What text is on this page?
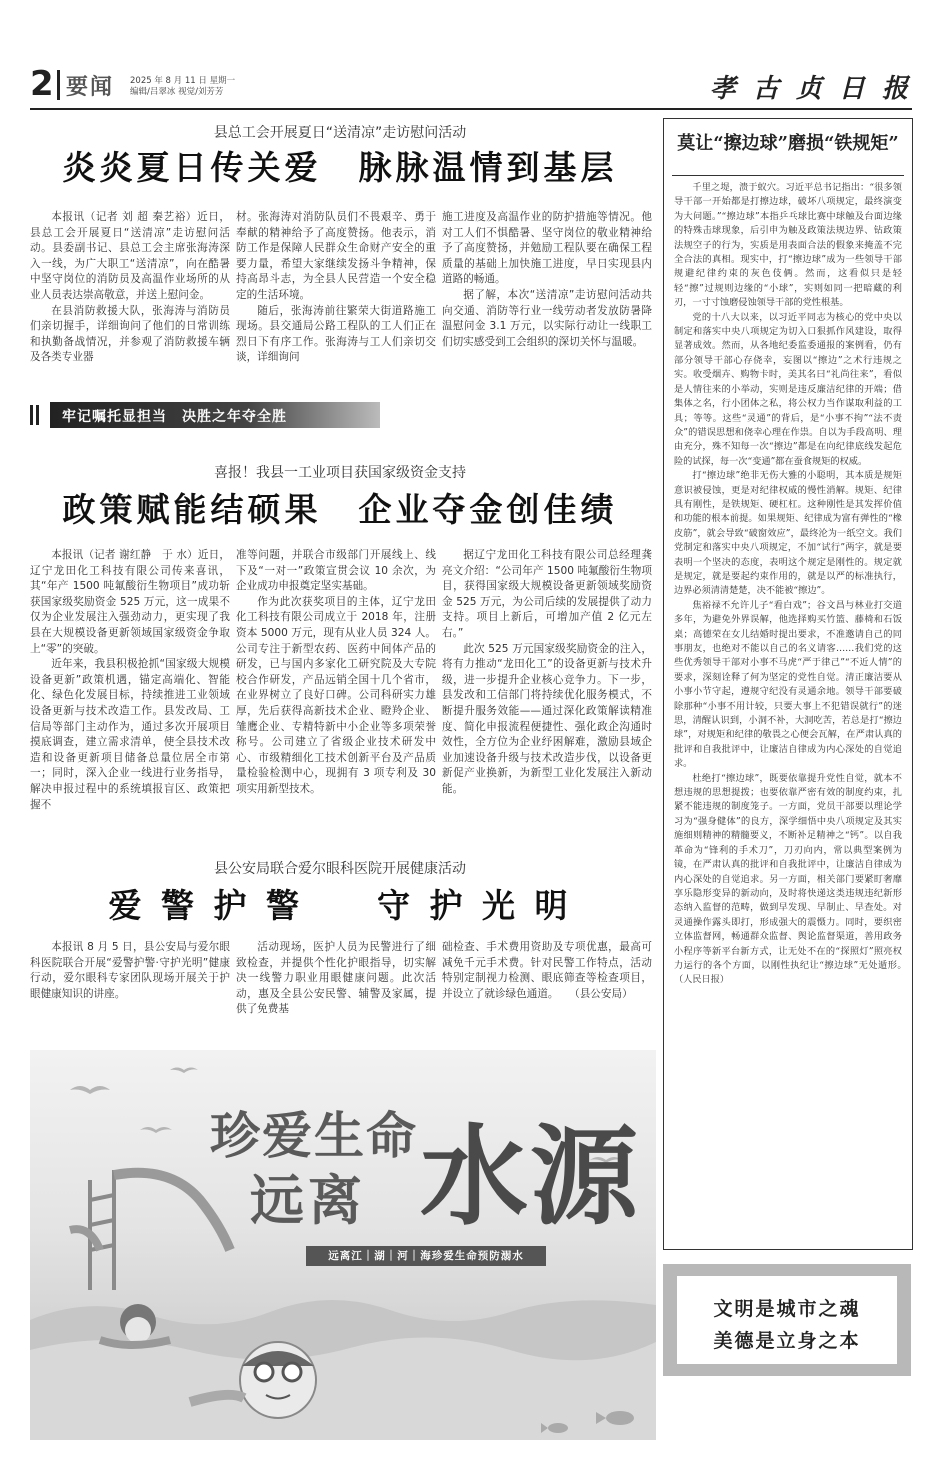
2 要闻 2025 年 8 月 11 日 星期一
编辑/吕翠冰 视觉/刘芳芳	孝 古 贞 日 报
县总工会开展夏日“送清凉”走访慰问活动
炎炎夏日传关爱　脉脉温情到基层

本报讯（记者 刘 超 秦艺裕）近日，县总工会开展夏日“送清凉”走访慰问活动。县委副书记、县总工会主席张海涛深入一线，为广大职工“送清凉”，向在酷暑中坚守岗位的消防员及高温作业场所的从业人员表达崇高敬意，并送上慰问金。

在县消防救援大队，张海涛与消防员们亲切握手，详细询问了他们的日常训练和执勤备战情况，并参观了消防救援车辆及各类专业器

材。张海涛对消防队员们不畏艰辛、勇于奉献的精神给予了高度赞扬。他表示，消防工作是保障人民群众生命财产安全的重要力量，希望大家继续发扬斗争精神，保持高昂斗志，为全县人民营造一个安全稳定的生活环境。

随后，张海涛前往繁荣大街道路施工现场。县交通局公路工程队的工人们正在烈日下有序工作。张海涛与工人们亲切交谈，详细询问

施工进度及高温作业的防护措施等情况。他对工人们不惧酷暑、坚守岗位的敬业精神给予了高度赞扬，并勉励工程队要在确保工程质量的基础上加快施工进度，早日实现县内道路的畅通。

据了解，本次“送清凉”走访慰问活动共向交通、消防等行业一线劳动者发放防暑降温慰问金 3.1 万元，以实际行动让一线职工们切实感受到工会组织的深切关怀与温暖。

牢记嘱托显担当　决胜之年夺全胜
喜报！我县一工业项目获国家级资金支持
政策赋能结硕果　企业夺金创佳绩

本报讯（记者 谢红静　于 水）近日，辽宁龙田化工科技有限公司传来喜讯，其“年产 1500 吨氟酸衍生物项目”成功斩获国家级奖励资金 525 万元，这一成果不仅为企业发展注入强劲动力，更实现了我县在大规模设备更新领域国家级资金争取上“零”的突破。

近年来，我县积极抢抓“国家级大规模设备更新”政策机遇，锚定高端化、智能化、绿色化发展目标，持续推进工业领域设备更新与技术改造工作。县发改局、工信局等部门主动作为，通过多次开展项目摸底调查，建立需求清单，使全县技术改造和设备更新项目储备总量位居全市第一；同时，深入企业一线进行业务指导，解决申报过程中的系统填报盲区、政策把握不

准等问题，并联合市级部门开展线上、线下及“一对一”政策宣贯会议 10 余次，为企业成功申报奠定坚实基础。

作为此次获奖项目的主体，辽宁龙田化工科技有限公司成立于 2018 年，注册资本 5000 万元，现有从业人员 324 人。公司专注于新型农药、医药中间体产品的研发，已与国内多家化工研究院及大专院校合作研发，产品远销全国十几个省市，在业界树立了良好口碑。公司科研实力雄厚，先后获得高新技术企业、瞪羚企业、雏鹰企业、专精特新中小企业等多项荣誉称号。公司建立了省级企业技术研发中心、市级精细化工技术创新平台及产品质量检验检测中心，现拥有 3 项专利及 30 项实用新型技术。

据辽宁龙田化工科技有限公司总经理龚亮文介绍：“公司年产 1500 吨氟酸衍生物项目，获得国家级大规模设备更新领域奖励资金 525 万元，为公司后续的发展提供了动力支持。项目上新后，可增加产值 2 亿元左右。”

此次 525 万元国家级奖励资金的注入，将有力推动“龙田化工”的设备更新与技术升级，进一步提升企业核心竞争力。下一步，县发改和工信部门将持续优化服务模式，不断提升服务效能——通过深化政策解读精准度、简化申报流程便捷性、强化政企沟通时效性，全方位为企业纾困解难，激励县域企业加速设备升级与技术改造步伐，以设备更新促产业换新，为新型工业化发展注入新动能。

县公安局联合爱尔眼科医院开展健康活动
爱 警 护 警　　守 护 光 明

本报讯 8 月 5 日，县公安局与爱尔眼科医院联合开展“爱警护警·守护光明”健康行动，爱尔眼科专家团队现场开展关于护眼健康知识的讲座。

活动现场，医护人员为民警进行了细致检查，并提供个性化护眼指导，切实解决一线警力职业用眼健康问题。此次活动，惠及全县公安民警、辅警及家属，提供了免费基

础检查、手术费用资助及专项优惠，最高可减免千元手术费。针对民警工作特点，活动特别定制视力检测、眼底筛查等检查项目，并设立了就诊绿色通道。　　（县公安局）

珍爱生命
远离 水源
远离江｜湖｜河｜海珍爱生命预防溺水
莫让“擦边球”磨损“铁规矩”

千里之堤，溃于蚁穴。习近平总书记指出：“很多领导干部一开始都是打擦边球，破坏八项规定，最终演变为大问题。”“擦边球”本指乒乓球比赛中球触及台面边缘的特殊击球现象，后引申为触及政策法规边界、钻政策法规空子的行为，实质是用表面合法的假象来掩盖不完全合法的真相。现实中，打“擦边球”成为一些领导干部规避纪律约束的灰色伎俩。然而，这看似只是轻轻“擦”过规则边缘的“小球”，实则如同一把暗藏的利刃，一寸寸蚀磨侵蚀领导干部的党性根基。

党的十八大以来，以习近平同志为核心的党中央以制定和落实中央八项规定为切入口狠抓作风建设，取得显著成效。然而，从各地纪委监委通报的案例看，仍有部分领导干部心存侥幸，妄图以“擦边”之术行违规之实。收受烟卉、购物卡时，美其名曰“礼尚往来”，看似是人情往来的小举动，实则是违反廉洁纪律的开端；借集体之名，行小团体之私，将公权力当作谋取利益的工具；等等。这些“灵通”的背后，是“小事不拘”“法不责众”的错误思想和侥幸心理在作祟。自以为手段高明、理由充分，殊不知每一次“擦边”都是在向纪律底线发起危险的试探，每一次“变通”都在蚕食规矩的权威。

打“擦边球”绝非无伤大雅的小聪明，其本质是规矩意识被侵蚀，更是对纪律权威的慢性消解。规矩、纪律具有刚性，是铁规矩、硬杠杠。这种刚性是其发挥价值和功能的根本前提。如果规矩、纪律成为富有弹性的“橡皮筋”，就会导致“破窗效应”，最终沦为一纸空文。我们党制定和落实中央八项规定，不加“试行”两字，就是要表明一个坚决的态度，表明这个规定是刚性的。规定就是规定，就是要起约束作用的，就是以严的标准执行，边界必须清清楚楚，决不能被“擦边”。

焦裕禄不允许儿子“看白戏”；谷文昌与林业打交道多年，为避免外界误解，他选择购买竹篮、藤椅和石饭桌；高德荣在女儿结婚时提出要求，不准邀请自己的同事朋友，也绝对不能以自己的名义请客……我们党的这些优秀领导干部对小事不马虎“严于律己”“不近人情”的要求，深刻诠释了何为坚定的党性自觉。清正廉洁要从小事小节守起，遵规守纪没有灵通余地。领导干部要破除那种“小事不用计较，只要大事上不犯错误就行”的迷思，清醒认识到，小洞不补，大洞吃苦，若总是打“擦边球”，对规矩和纪律的敬畏之心便会瓦解，在严肃认真的批评和自我批评中，让廉洁自律成为内心深处的自觉追求。

杜绝打“擦边球”，既要依靠提升党性自觉，就本不想违规的思想提拨；也要依靠严密有效的制度约束，扎紧不能违规的制度笼子。一方面，党员干部要以理论学习为“强身健体”的良方，深学细悟中央八项规定及其实施细则精神的精髓要义，不断补足精神之“钙”。以自我革命为“锋利的手术刀”，刀刃向内，常以典型案例为镜，在严肃认真的批评和自我批评中，让廉洁自律成为内心深处的自觉追求。另一方面，相关部门要紧盯奢靡享乐隐形变异的新动向，及时将快递这类违规违纪新形态纳入监督的范畴，做到早发现、早制止、早查处。对灵通操作露头即打，形成强大的震慑力。同时，要织密立体监督网，畅通群众监督、舆论监督渠道，善用政务小程序等新平台新方式，让无处不在的“探照灯”照亮权力运行的各个方面，以刚性执纪让“擦边球”无处遁形。　（人民日报）

文明是城市之魂
美德是立身之本
